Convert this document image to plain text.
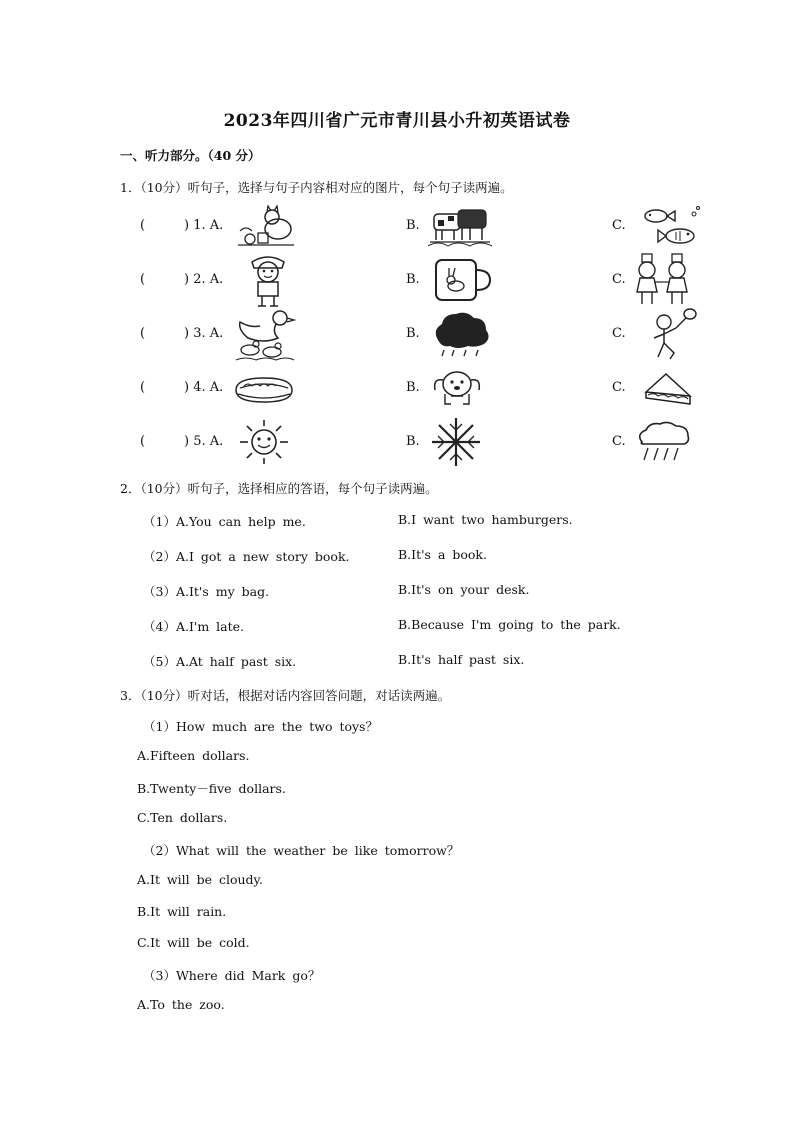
2023年四川省广元市青川县小升初英语试卷
一、听力部分。（40 分）
1．（10分）听句子，选择与句子内容相对应的图片，每个句子读两遍。
(	) 1. A.	B.	C.
(	) 2. A.	B.	C.
(	) 3. A.	B.	C.
(	) 4. A.	B.	C.
(	) 5. A.	B.	C.
2．（10分）听句子，选择相应的答语，每个句子读两遍。
（1）A.You can help me.	B.I want two hamburgers.
（2）A.I got a new story book.	B.It's a book.
（3）A.It's my bag.	B.It's on your desk.
（4）A.I'm late.	B.Because I'm going to the park.
（5）A.At half past six.	B.It's half past six.
3．（10分）听对话，根据对话内容回答问题，对话读两遍。
（1）How much are the two toys？
A.Fifteen dollars.
B.Twenty－five dollars.
C.Ten dollars.
（2）What will the weather be like tomorrow？
A.It will be cloudy.
B.It will rain.
C.It will be cold.
（3）Where did Mark go？
A.To the zoo.
